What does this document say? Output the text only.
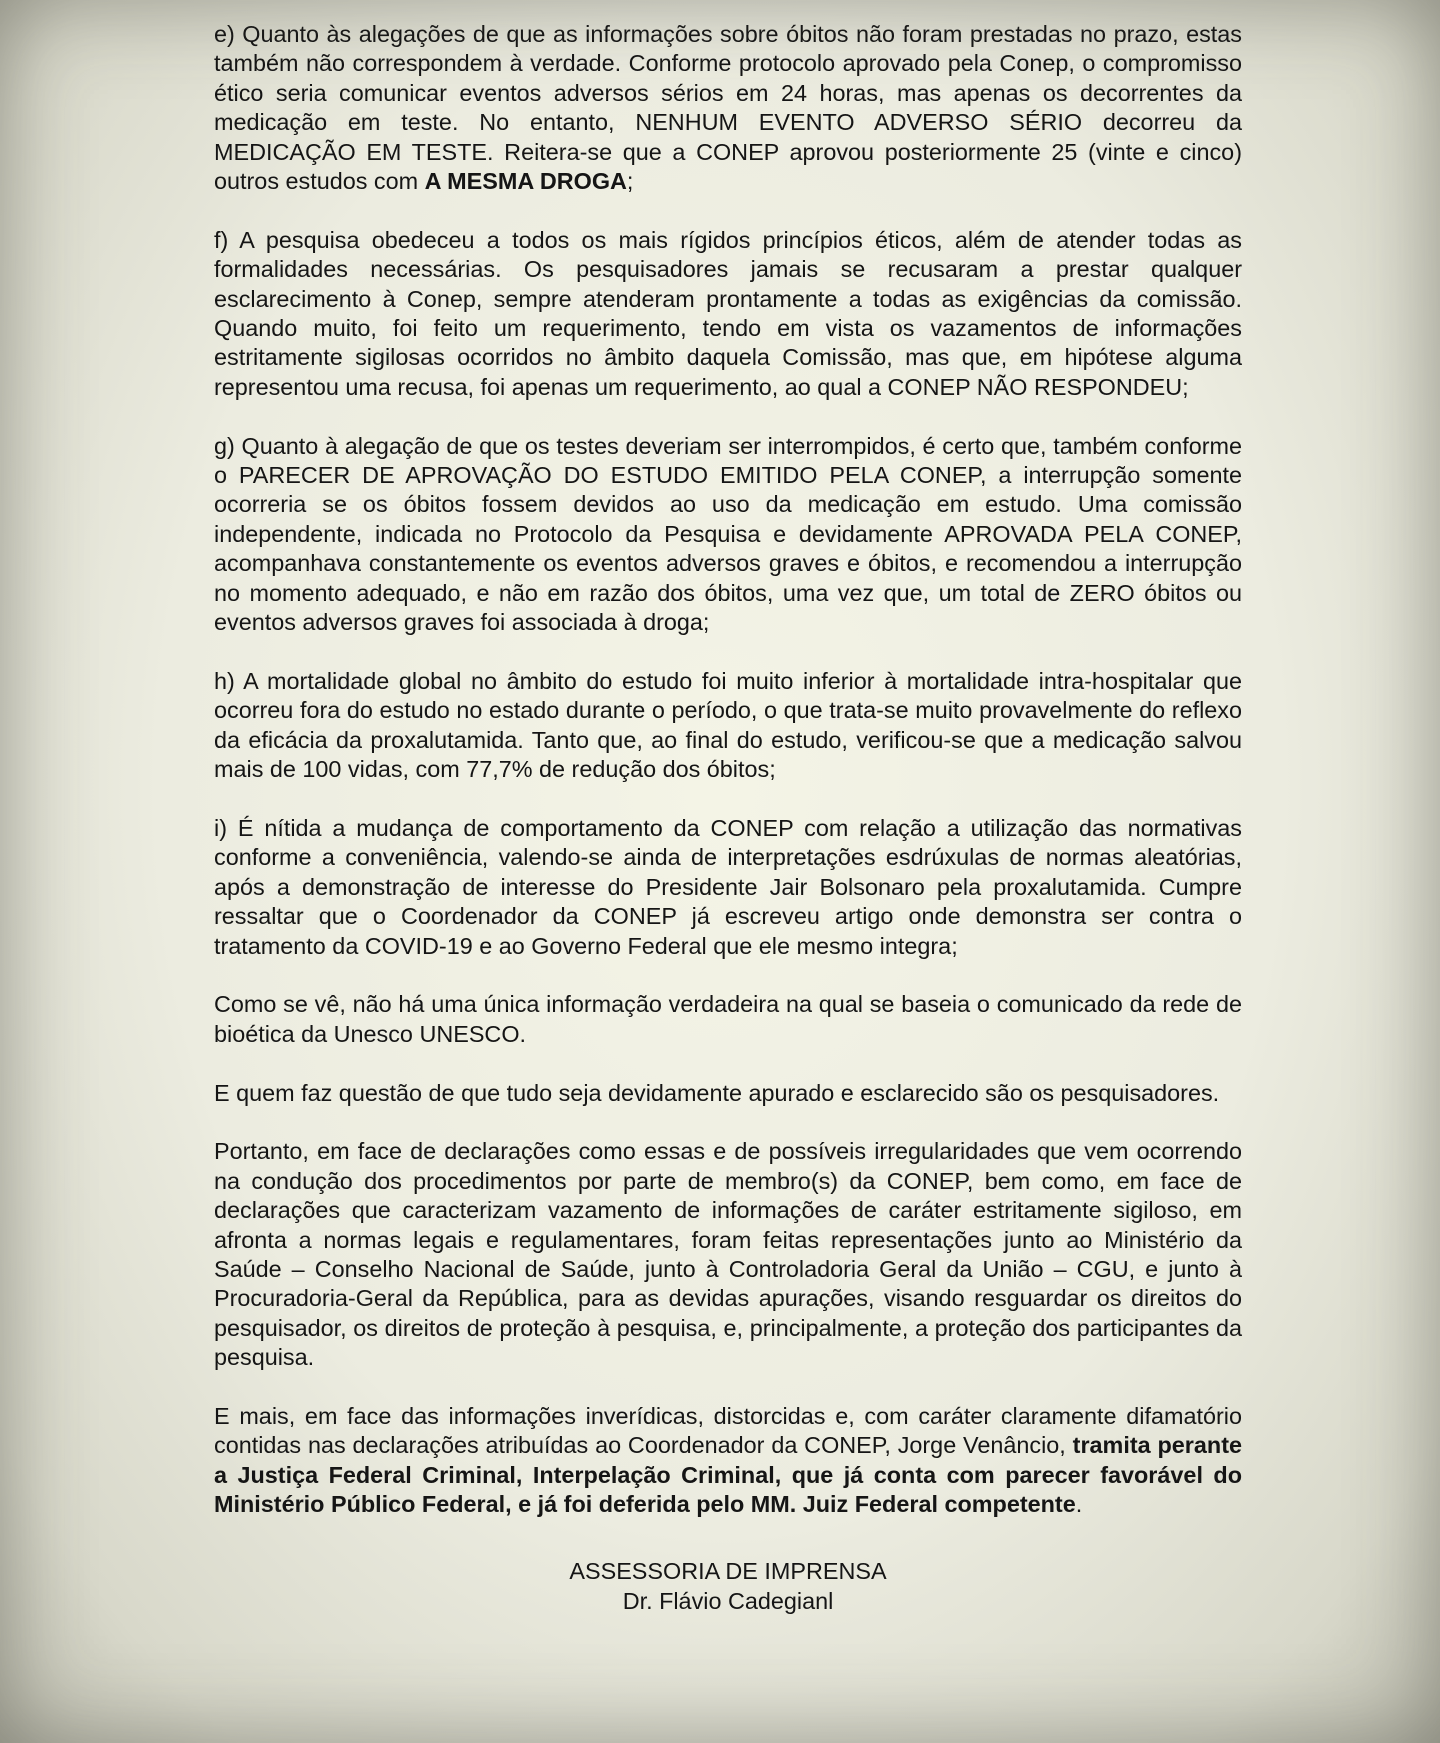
e) Quanto às alegações de que as informações sobre óbitos não foram prestadas no prazo, estas também não correspondem à verdade. Conforme protocolo aprovado pela Conep, o compromisso ético seria comunicar eventos adversos sérios em 24 horas, mas apenas os decorrentes da medicação em teste. No entanto, NENHUM EVENTO ADVERSO SÉRIO decorreu da MEDICAÇÃO EM TESTE. Reitera-se que a CONEP aprovou posteriormente 25 (vinte e cinco) outros estudos com A MESMA DROGA;

f) A pesquisa obedeceu a todos os mais rígidos princípios éticos, além de atender todas as formalidades necessárias. Os pesquisadores jamais se recusaram a prestar qualquer esclarecimento à Conep, sempre atenderam prontamente a todas as exigências da comissão. Quando muito, foi feito um requerimento, tendo em vista os vazamentos de informações estritamente sigilosas ocorridos no âmbito daquela Comissão, mas que, em hipótese alguma representou uma recusa, foi apenas um requerimento, ao qual a CONEP NÃO RESPONDEU;

g) Quanto à alegação de que os testes deveriam ser interrompidos, é certo que, também conforme o PARECER DE APROVAÇÃO DO ESTUDO EMITIDO PELA CONEP, a interrupção somente ocorreria se os óbitos fossem devidos ao uso da medicação em estudo. Uma comissão independente, indicada no Protocolo da Pesquisa e devidamente APROVADA PELA CONEP, acompanhava constantemente os eventos adversos graves e óbitos, e recomendou a interrupção no momento adequado, e não em razão dos óbitos, uma vez que, um total de ZERO óbitos ou eventos adversos graves foi associada à droga;

h) A mortalidade global no âmbito do estudo foi muito inferior à mortalidade intra-hospitalar que ocorreu fora do estudo no estado durante o período, o que trata-se muito provavelmente do reflexo da eficácia da proxalutamida. Tanto que, ao final do estudo, verificou-se que a medicação salvou mais de 100 vidas, com 77,7% de redução dos óbitos;

i) É nítida a mudança de comportamento da CONEP com relação a utilização das normativas conforme a conveniência, valendo-se ainda de interpretações esdrúxulas de normas aleatórias, após a demonstração de interesse do Presidente Jair Bolsonaro pela proxalutamida. Cumpre ressaltar que o Coordenador da CONEP já escreveu artigo onde demonstra ser contra o tratamento da COVID-19 e ao Governo Federal que ele mesmo integra;

Como se vê, não há uma única informação verdadeira na qual se baseia o comunicado da rede de bioética da Unesco UNESCO.

E quem faz questão de que tudo seja devidamente apurado e esclarecido são os pesquisadores.

Portanto, em face de declarações como essas e de possíveis irregularidades que vem ocorrendo na condução dos procedimentos por parte de membro(s) da CONEP, bem como, em face de declarações que caracterizam vazamento de informações de caráter estritamente sigiloso, em afronta a normas legais e regulamentares, foram feitas representações junto ao Ministério da Saúde – Conselho Nacional de Saúde, junto à Controladoria Geral da União – CGU, e junto à Procuradoria-Geral da República, para as devidas apurações, visando resguardar os direitos do pesquisador, os direitos de proteção à pesquisa, e, principalmente, a proteção dos participantes da pesquisa.

E mais, em face das informações inverídicas, distorcidas e, com caráter claramente difamatório contidas nas declarações atribuídas ao Coordenador da CONEP, Jorge Venâncio, tramita perante a Justiça Federal Criminal, Interpelação Criminal, que já conta com parecer favorável do Ministério Público Federal, e já foi deferida pelo MM. Juiz Federal competente.

ASSESSORIA DE IMPRENSA
Dr. Flávio Cadegianl
